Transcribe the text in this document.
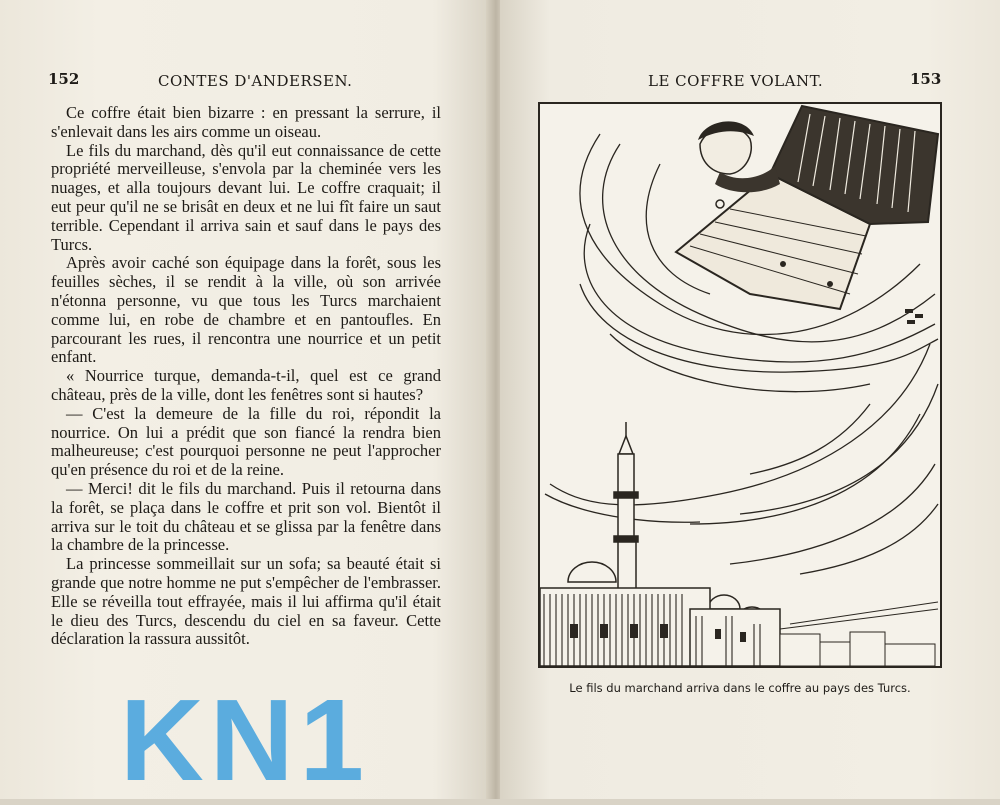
152	CONTES D'ANDERSEN.

Ce coffre était bien bizarre : en pressant la serrure, il s'enlevait dans les airs comme un oiseau.

Le fils du marchand, dès qu'il eut connaissance de cette propriété merveilleuse, s'envola par la cheminée vers les nuages, et alla toujours devant lui. Le coffre craquait; il eut peur qu'il ne se brisât en deux et ne lui fît faire un saut terrible. Cependant il arriva sain et sauf dans le pays des Turcs.

Après avoir caché son équipage dans la forêt, sous les feuilles sèches, il se rendit à la ville, où son arrivée n'étonna personne, vu que tous les Turcs marchaient comme lui, en robe de chambre et en pantoufles. En parcourant les rues, il rencontra une nourrice et un petit enfant.

« Nourrice turque, demanda-t-il, quel est ce grand château, près de la ville, dont les fenêtres sont si hautes?

— C'est la demeure de la fille du roi, répondit la nourrice. On lui a prédit que son fiancé la rendra bien malheureuse; c'est pourquoi personne ne peut l'approcher qu'en présence du roi et de la reine.

— Merci! dit le fils du marchand. Puis il retourna dans la forêt, se plaça dans le coffre et prit son vol. Bientôt il arriva sur le toit du château et se glissa par la fenêtre dans la chambre de la princesse.

La princesse sommeillait sur un sofa; sa beauté était si grande que notre homme ne put s'empêcher de l'embrasser. Elle se réveilla tout effrayée, mais il lui affirma qu'il était le dieu des Turcs, descendu du ciel en sa faveur. Cette déclaration la rassura aussitôt.

KN1
LE COFFRE VOLANT.	153
Le fils du marchand arriva dans le coffre au pays des Turcs.
